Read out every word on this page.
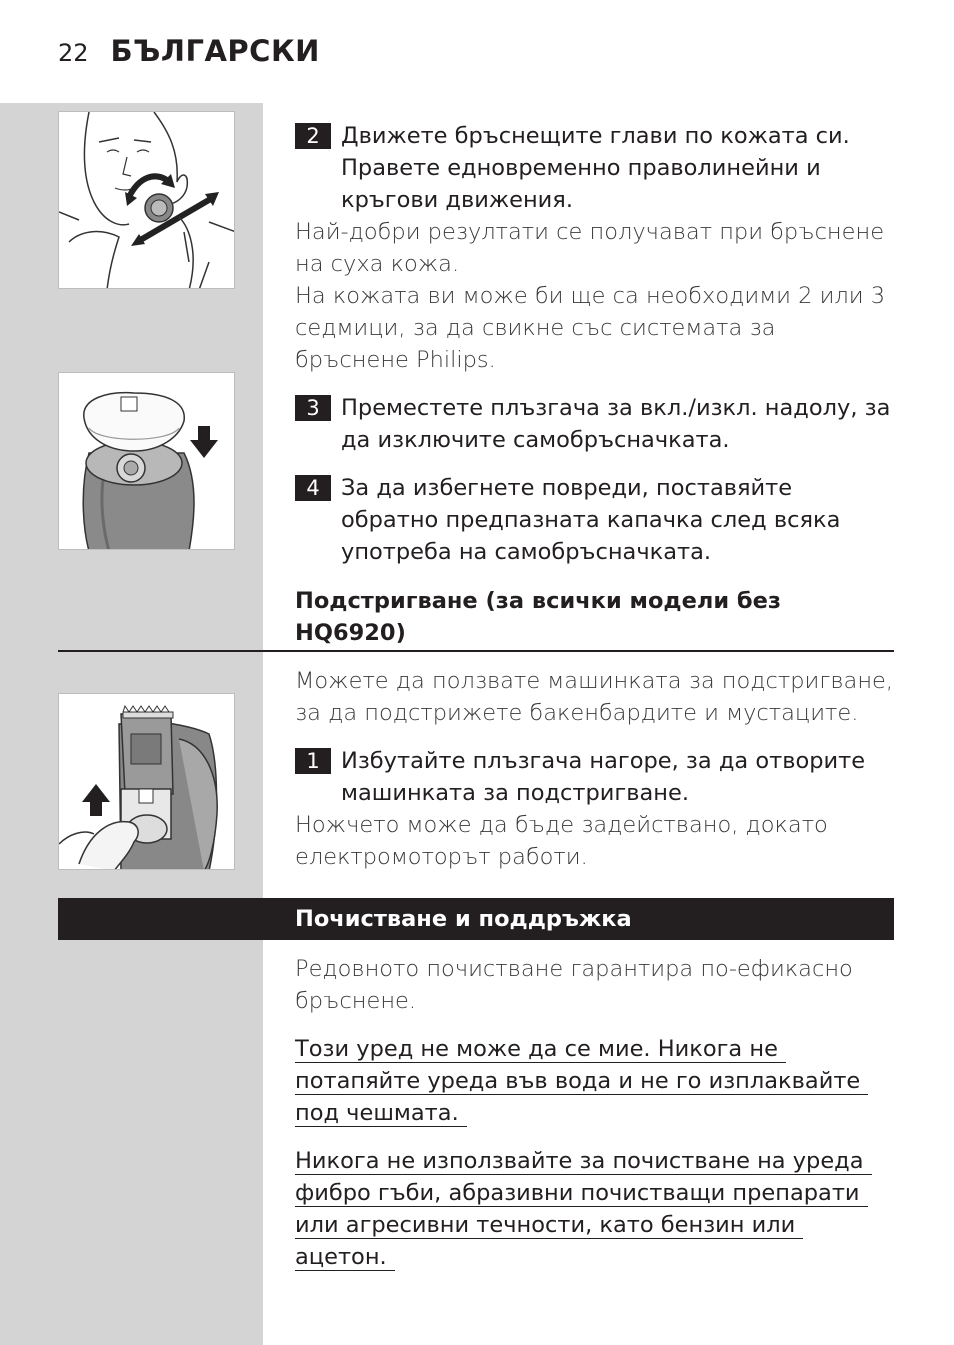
22 БЪЛГАРСКИ
2 Движете бръснещите глави по кожата си. Правете едновременно праволинейни и кръгови движения.
Най-добри резултати се получават при бръснене на суха кожа.
На кожата ви може би ще са необходими 2 или 3 седмици, за да свикне със системата за бръснене Philips.
3 Преместете плъзгача за вкл./изкл. надолу, за да изключите самобръсначката.
4 За да избегнете повреди, поставяйте обратно предпазната капачка след всяка употреба на самобръсначката.
Подстригване (за всички модели без HQ6920)
Можете да ползвате машинката за подстригване, за да подстрижете бакенбардите и мустаците.
1 Избутайте плъзгача нагоре, за да отворите машинката за подстригване.
Ножчето може да бъде задействано, докато електромоторът работи.
Почистване и поддръжка
Редовното почистване гарантира по-ефикасно бръснене.
Този уред не може да се мие. Никога не
потапяйте уреда във вода и не го изплаквайте
под чешмата.
Никога не използвайте за почистване на уреда
фибро гъби, абразивни почистващи препарати
или агресивни течности, като бензин или
ацетон.
